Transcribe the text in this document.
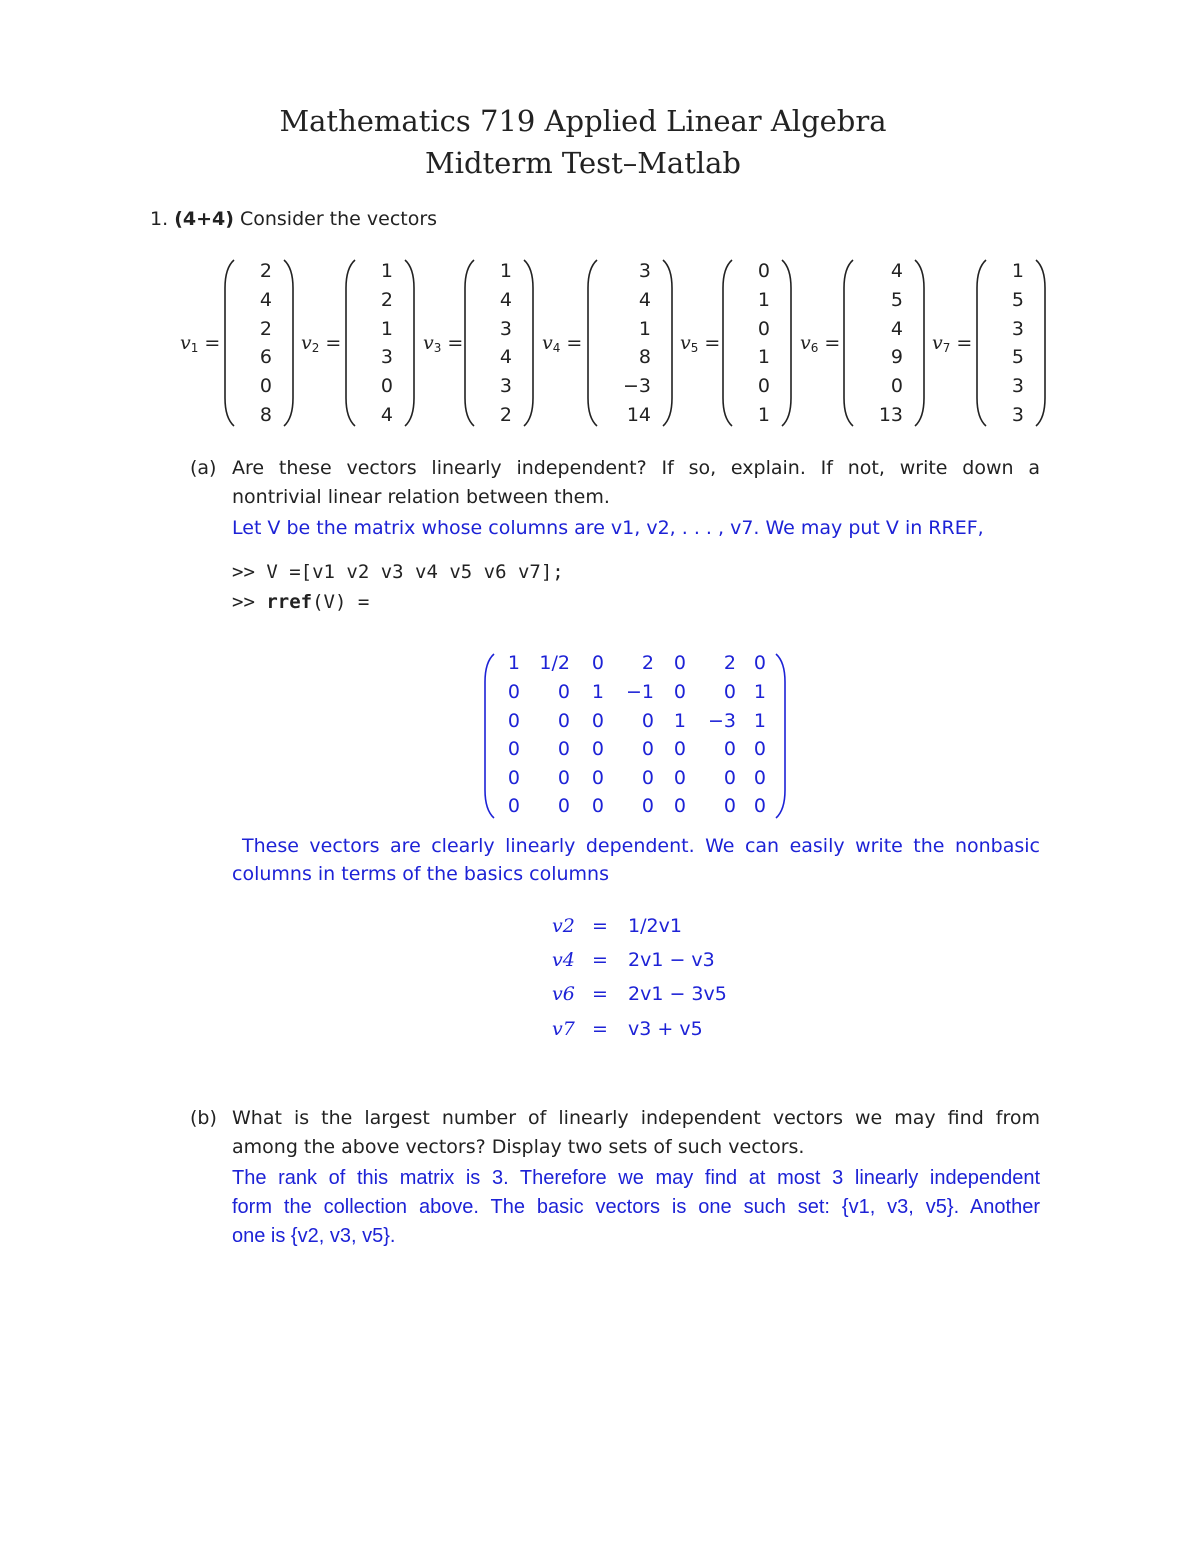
Mathematics 719 Applied Linear Algebra
Midterm Test–Matlab
1. (4+4) Consider the vectors
$v_1$ =
2
4
2
6
0
8
$v_2$ =
1
2
1
3
0
4
$v_3$ =
1
4
3
4
3
2
$v_4$ =
3
4
1
8
−3
14
$v_5$ =
0
1
0
1
0
1
$v_6$ =
4
5
4
9
0
13
$v_7$ =
1
5
3
5
3
3
(a) Are these vectors linearly independent? If so, explain. If not, write down a
nontrivial linear relation between them.
Let V be the matrix whose columns are v1, v2, . . . , v7. We may put V in RREF,
>> V =[v1 v2 v3 v4 v5 v6 v7];
>> rref(V) =
1	1/2	0	2	0	2 0
0	0	1	−1	0	0 1
0	0	0	0	1	−3 1
0	0	0	0	0	0 0
0	0	0	0	0	0 0
0	0	0	0	0	0 0
These vectors are clearly linearly dependent. We can easily write the nonbasic
columns in terms of the basics columns
v2 = 1/2v1
v4 = 2v1 − v3
v6 = 2v1 − 3v5
v7 = v3 + v5
(b) What is the largest number of linearly independent vectors we may find from
among the above vectors? Display two sets of such vectors.
The rank of this matrix is 3. Therefore we may find at most 3 linearly independent
form the collection above. The basic vectors is one such set: {v1, v3, v5}. Another
one is {v2, v3, v5}.
